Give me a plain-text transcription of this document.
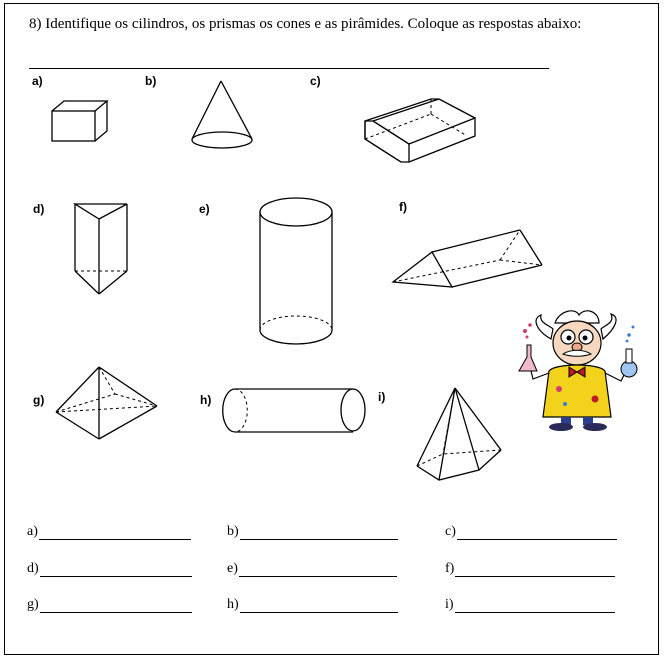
8) Identifique os cilindros, os prismas os cones e as pirâmides. Coloque as respostas abaixo:
a)	b)	c)
d)	e)	f)
g)	h)	i)
a)	b)	c)
d)	e)	f)
g)	h)	i)
